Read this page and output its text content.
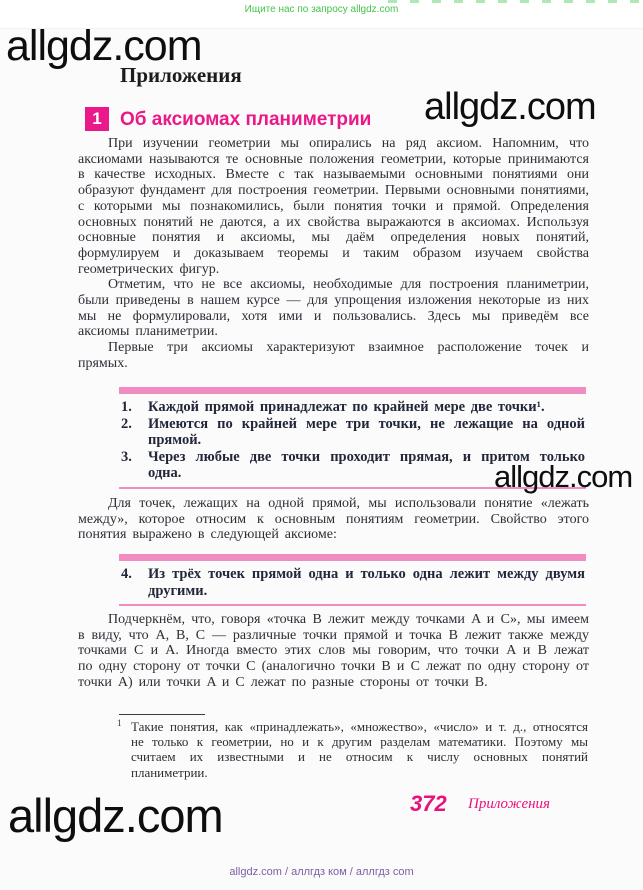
Ищите нас по запросу allgdz.com
allgdz.com
allgdz.com
allgdz.com
allgdz.com
Приложения
1 Об аксиомах планиметрии

При изучении геометрии мы опирались на ряд аксиом. Напомним, что аксиомами называются те основные положения геометрии, которые принимаются в качестве исходных. Вместе с так называемыми основными понятиями они образуют фундамент для построения геометрии. Первыми основными понятиями, с которыми мы познакомились, были понятия точки и прямой. Определения основных понятий не даются, а их свойства выражаются в аксиомах. Используя основные понятия и аксиомы, мы даём определения новых понятий, формулируем и доказываем теоремы и таким образом изучаем свойства геометрических фигур.

Отметим, что не все аксиомы, необходимые для построения планиметрии, были приведены в нашем курсе — для упрощения изложения некоторые из них мы не формулировали, хотя ими и пользовались. Здесь мы приведём все аксиомы планиметрии.

Первые три аксиомы характеризуют взаимное расположение точек и прямых.

1.	Каждой прямой принадлежат по крайней мере две точки¹.
2.	Имеются по крайней мере три точки, не лежащие на одной прямой.
3.	Через любые две точки проходит прямая, и притом только одна.

Для точек, лежащих на одной прямой, мы использовали понятие «лежать между», которое относим к основным понятиям геометрии. Свойство этого понятия выражено в следующей аксиоме:

4.	Из трёх точек прямой одна и только одна лежит между двумя другими.

Подчеркнём, что, говоря «точка B лежит между точками A и C», мы имеем в виду, что A, B, C — различные точки прямой и точка B лежит также между точками C и A. Иногда вместо этих слов мы говорим, что точки A и B лежат по одну сторону от точки C (аналогично точки B и C лежат по одну сторону от точки A) или точки A и C лежат по разные стороны от точки B.

1 Такие понятия, как «принадлежать», «множество», «число» и т. д., относятся не только к геометрии, но и к другим разделам математики. Поэтому мы считаем их известными и не относим к числу основных понятий планиметрии.
372 Приложения
allgdz.com / аллгдз ком / аллгдз com
